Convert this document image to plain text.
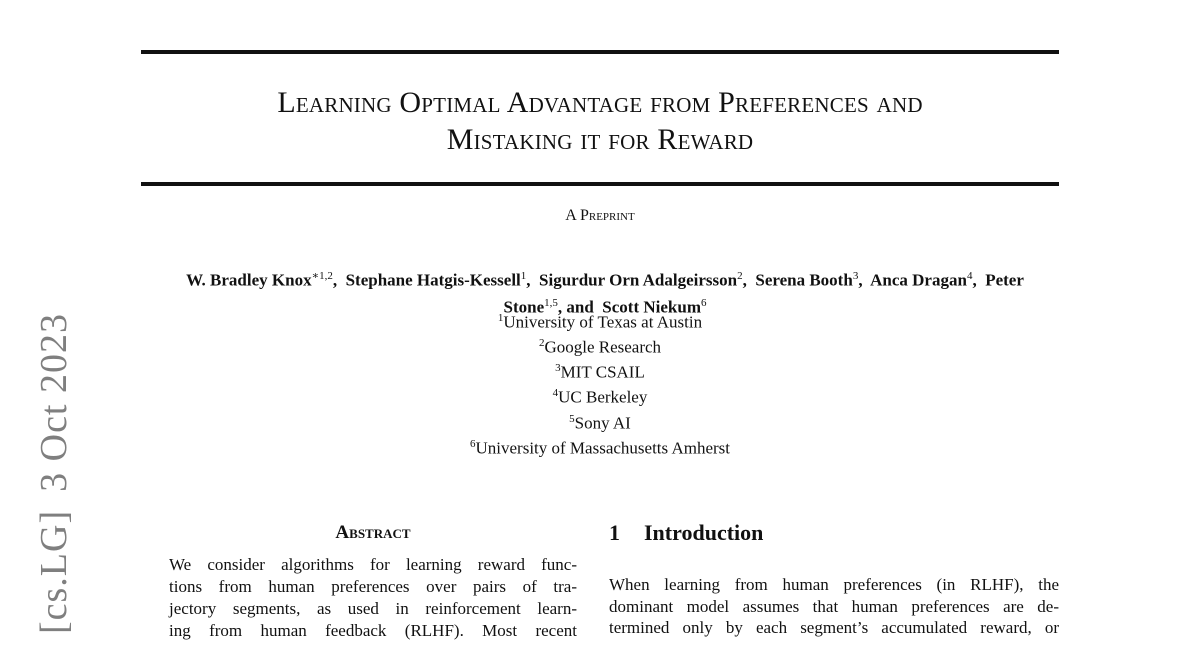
Learning Optimal Advantage from Preferences and
Mistaking it for Reward
A Preprint
W. Bradley Knox$^{∗1,2}$,  Stephane Hatgis-Kessell$^1$,  Sigurdur Orn Adalgeirsson$^2$,  Serena Booth$^3$,  Anca Dragan$^4$,  Peter Stone$^{1,5}$, and  Scott Niekum$^6$
$^1$University of Texas at Austin
$^2$Google Research
$^3$MIT CSAIL
$^4$UC Berkeley
$^5$Sony AI
$^6$University of Massachusetts Amherst
[cs.LG]3 Oct 2023
Abstract
We consider algorithms for learning reward func-
tions from human preferences over pairs of tra-
jectory segments, as used in reinforcement learn-
ing from human feedback (RLHF). Most recent
1 Introduction
When learning from human preferences (in RLHF), the
dominant model assumes that human preferences are de-
termined only by each segment’s accumulated reward, or
